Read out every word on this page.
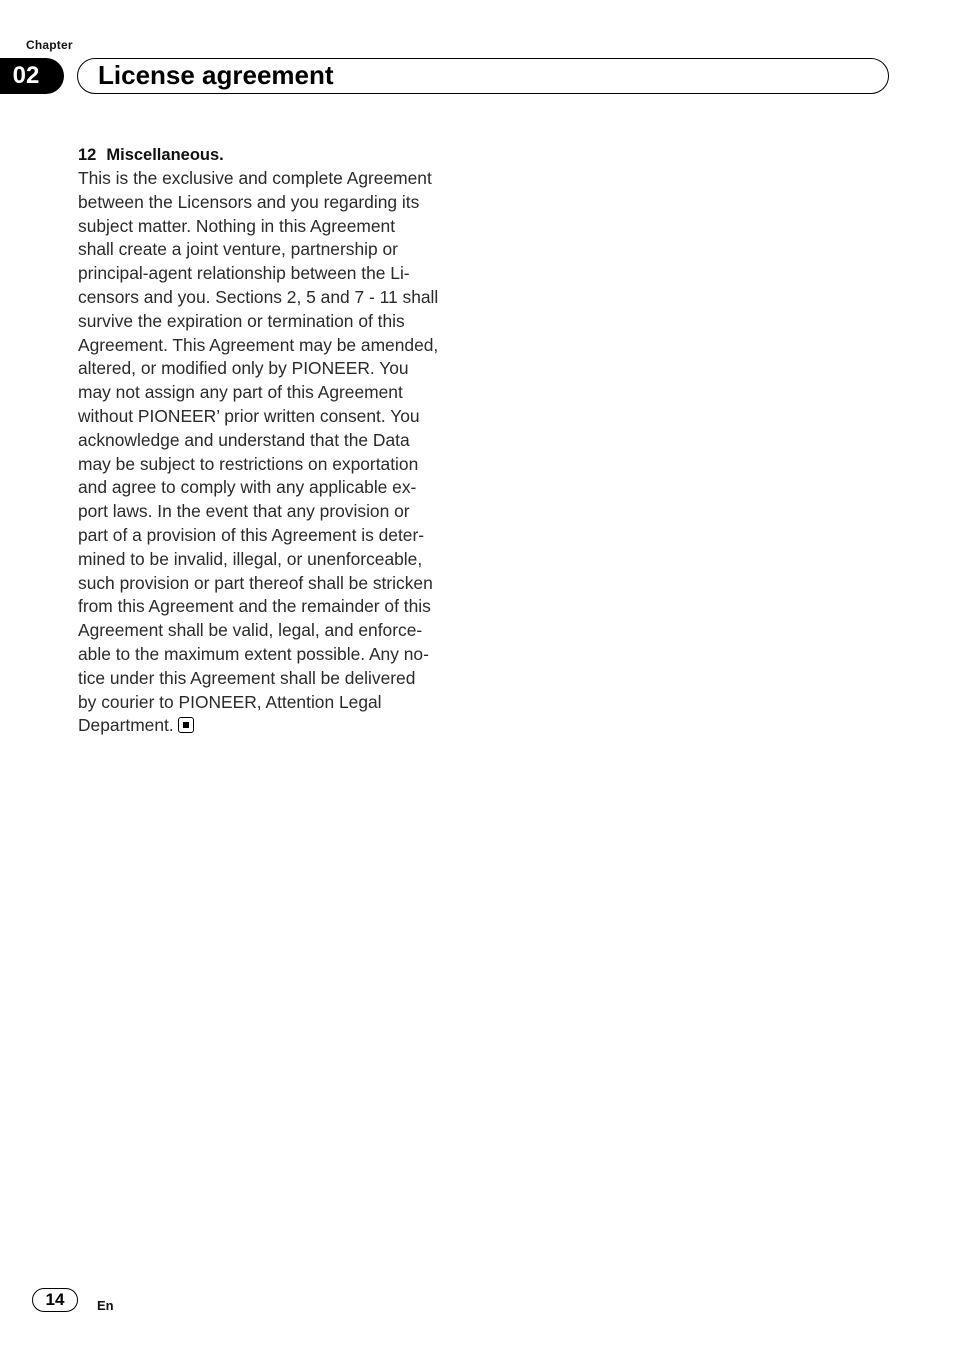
Chapter
02	License agreement

12 Miscellaneous.

This is the exclusive and complete Agreement
between the Licensors and you regarding its
subject matter. Nothing in this Agreement
shall create a joint venture, partnership or
principal-agent relationship between the Li-
censors and you. Sections 2, 5 and 7 - 11 shall
survive the expiration or termination of this
Agreement. This Agreement may be amended,
altered, or modified only by PIONEER. You
may not assign any part of this Agreement
without PIONEER’ prior written consent. You
acknowledge and understand that the Data
may be subject to restrictions on exportation
and agree to comply with any applicable ex-
port laws. In the event that any provision or
part of a provision of this Agreement is deter-
mined to be invalid, illegal, or unenforceable,
such provision or part thereof shall be stricken
from this Agreement and the remainder of this
Agreement shall be valid, legal, and enforce-
able to the maximum extent possible. Any no-
tice under this Agreement shall be delivered
by courier to PIONEER, Attention Legal
Department.
14	En
